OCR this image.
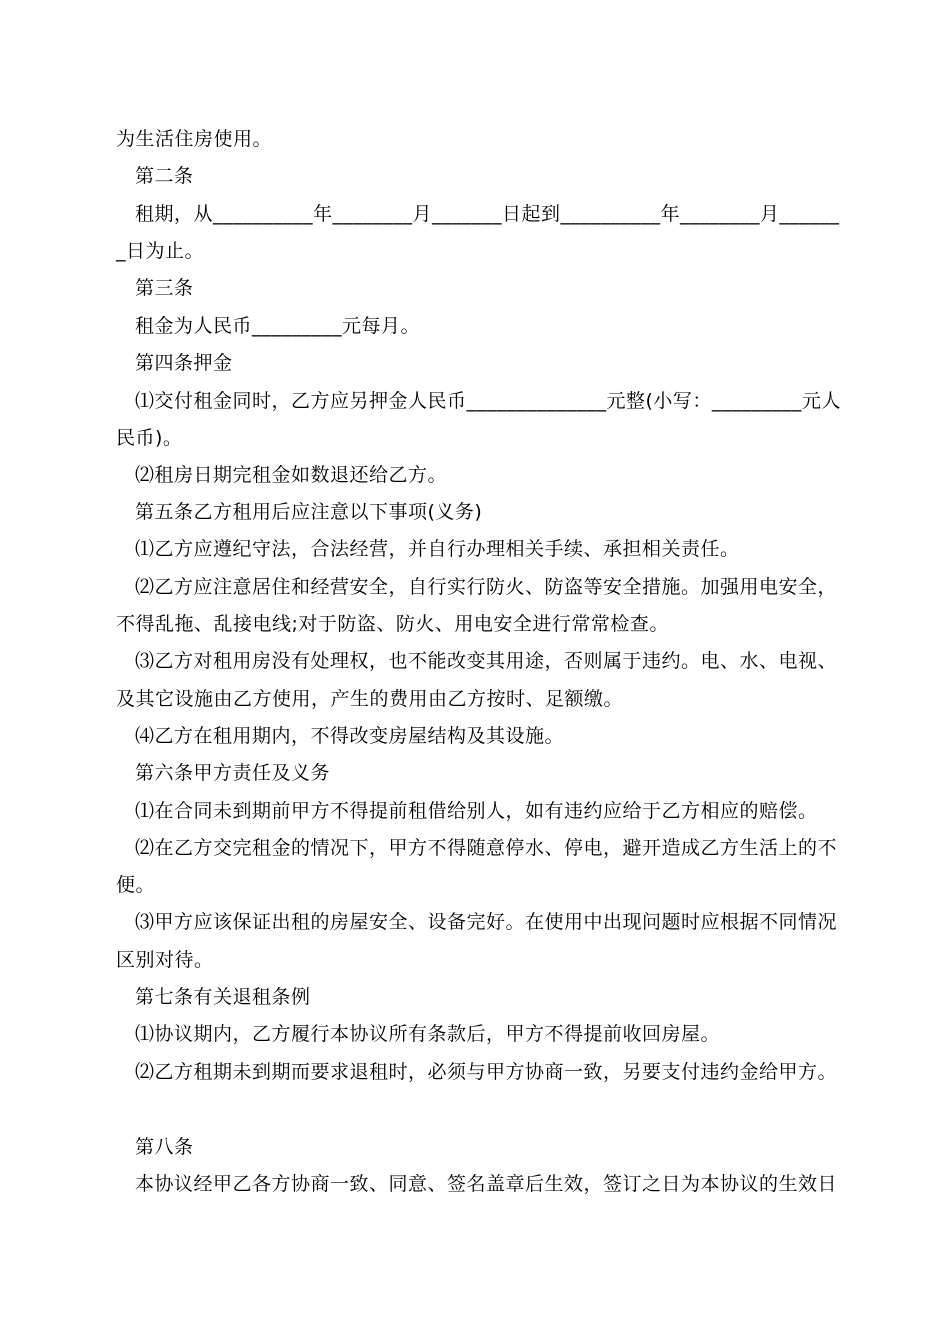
为生活住房使用。
第二条
租期，从__________年________月_______日起到__________年________月______
_日为止。
第三条
租金为人民币_________元每月。
第四条押金
⑴交付租金同时，乙方应另押金人民币______________元整(小写：_________元人
民币)。
⑵租房日期完租金如数退还给乙方。
第五条乙方租用后应注意以下事项(义务)
⑴乙方应遵纪守法，合法经营，并自行办理相关手续、承担相关责任。
⑵乙方应注意居住和经营安全，自行实行防火、防盗等安全措施。加强用电安全，
不得乱拖、乱接电线;对于防盗、防火、用电安全进行常常检查。
⑶乙方对租用房没有处理权，也不能改变其用途，否则属于违约。电、水、电视、
及其它设施由乙方使用，产生的费用由乙方按时、足额缴。
⑷乙方在租用期内，不得改变房屋结构及其设施。
第六条甲方责任及义务
⑴在合同未到期前甲方不得提前租借给别人，如有违约应给于乙方相应的赔偿。
⑵在乙方交完租金的情况下，甲方不得随意停水、停电，避开造成乙方生活上的不
便。
⑶甲方应该保证出租的房屋安全、设备完好。在使用中出现问题时应根据不同情况
区别对待。
第七条有关退租条例
⑴协议期内，乙方履行本协议所有条款后，甲方不得提前收回房屋。
⑵乙方租期未到期而要求退租时，必须与甲方协商一致，另要支付违约金给甲方。
第八条
本协议经甲乙各方协商一致、同意、签名盖章后生效，签订之日为本协议的生效日
